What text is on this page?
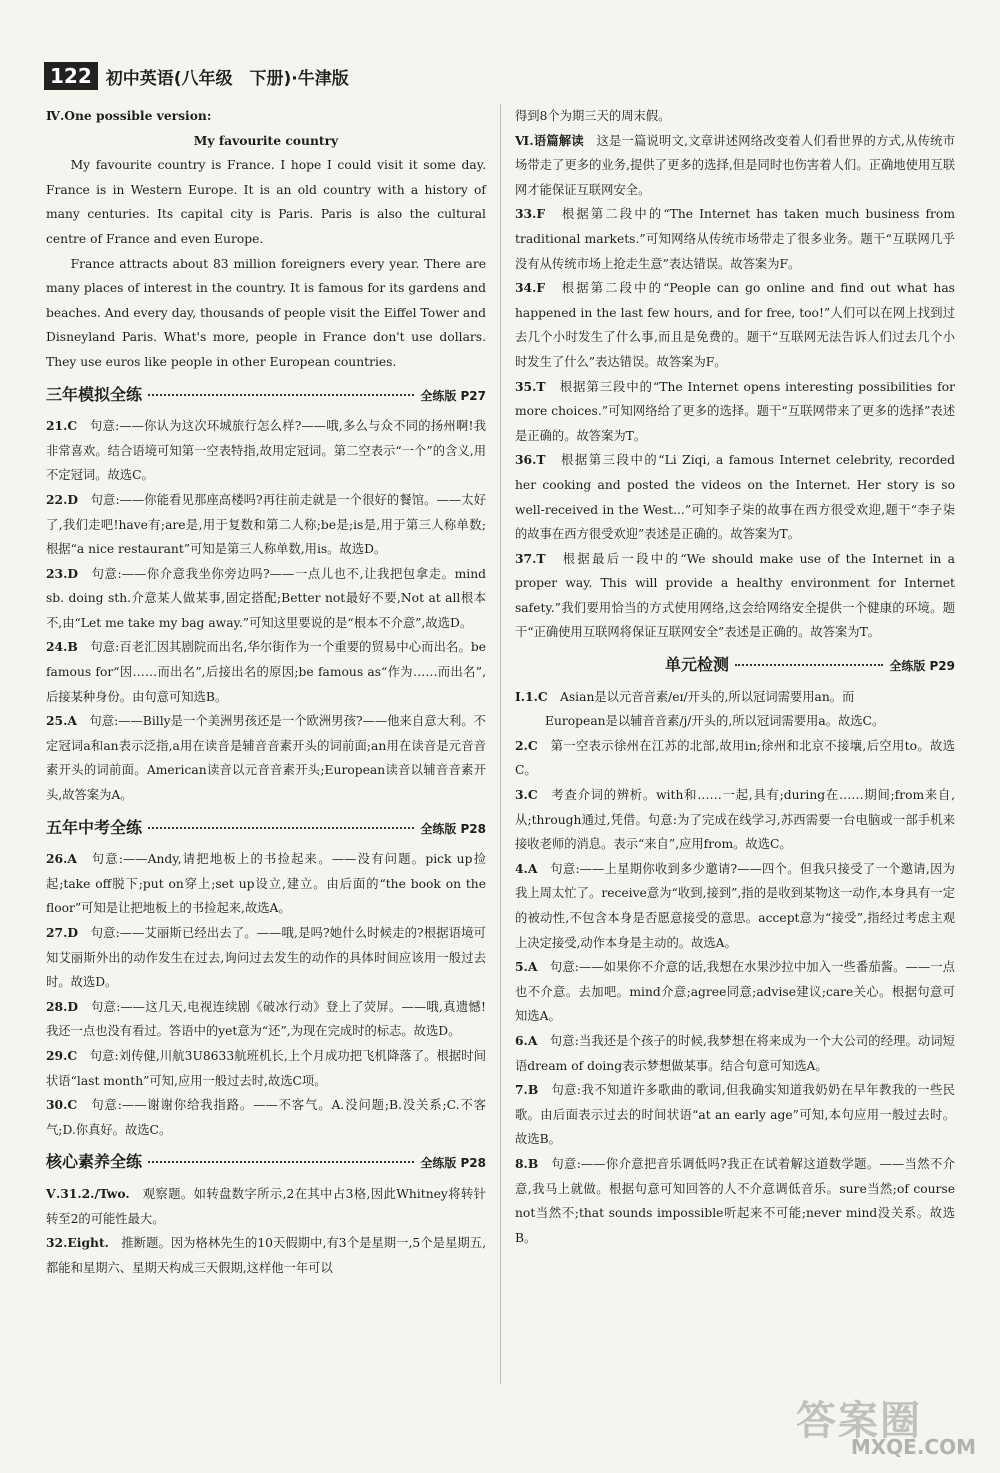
122 初中英语(八年级　下册)·牛津版

Ⅳ.One possible version:

My favourite country

My favourite country is France. I hope I could visit it some day. France is in Western Europe. It is an old country with a history of many centuries. Its capital city is Paris. Paris is also the cultural centre of France and even Europe.

France attracts about 83 million foreigners every year. There are many places of interest in the country. It is famous for its gardens and beaches. And every day, thousands of people visit the Eiffel Tower and Disneyland Paris. What's more, people in France don't use dollars. They use euros like people in other European countries.

三年模拟全练	全练版 P27

21.C　 句意:——你认为这次环城旅行怎么样?——哦,多么与众不同的扬州啊!我非常喜欢。结合语境可知第一空表特指,故用定冠词。第二空表示“一个”的含义,用不定冠词。故选C。

22.D　 句意:——你能看见那座高楼吗?再往前走就是一个很好的餐馆。——太好了,我们走吧!have有;are是,用于复数和第二人称;be是;is是,用于第三人称单数;根据“a nice restaurant”可知是第三人称单数,用is。故选D。

23.D　 句意:——你介意我坐你旁边吗?——一点儿也不,让我把包拿走。mind sb. doing sth.介意某人做某事,固定搭配;Better not最好不要,Not at all根本不,由“Let me take my bag away.”可知这里要说的是“根本不介意”,故选D。

24.B　 句意:百老汇因其剧院而出名,华尔街作为一个重要的贸易中心而出名。be famous for“因……而出名”,后接出名的原因;be famous as“作为……而出名”,后接某种身份。由句意可知选B。

25.A　 句意:——Billy是一个美洲男孩还是一个欧洲男孩?——他来自意大利。不定冠词a和an表示泛指,a用在读音是辅音音素开头的词前面;an用在读音是元音音素开头的词前面。American读音以元音音素开头;European读音以辅音音素开头,故答案为A。

五年中考全练	全练版 P28

26.A　 句意:——Andy,请把地板上的书捡起来。——没有问题。pick up捡起;take off脱下;put on穿上;set up设立,建立。由后面的“the book on the floor”可知是让把地板上的书捡起来,故选A。

27.D　 句意:——艾丽斯已经出去了。——哦,是吗?她什么时候走的?根据语境可知艾丽斯外出的动作发生在过去,询问过去发生的动作的具体时间应该用一般过去时。故选D。

28.D　 句意:——这几天,电视连续剧《破冰行动》登上了荧屏。——哦,真遗憾!我还一点也没有看过。答语中的yet意为“还”,为现在完成时的标志。故选D。

29.C　 句意:刘传健,川航3U8633航班机长,上个月成功把飞机降落了。根据时间状语“last month”可知,应用一般过去时,故选C项。

30.C　 句意:——谢谢你给我指路。——不客气。A.没问题;B.没关系;C.不客气;D.你真好。故选C。

核心素养全练	全练版 P28

Ⅴ.31.2./Two.　 观察题。如转盘数字所示,2在其中占3格,因此Whitney将转针转至2的可能性最大。

32.Eight.　 推断题。因为格林先生的10天假期中,有3个是星期一,5个是星期五,都能和星期六、星期天构成三天假期,这样他一年可以

得到8个为期三天的周末假。

Ⅵ.语篇解读　 这是一篇说明文,文章讲述网络改变着人们看世界的方式,从传统市场带走了更多的业务,提供了更多的选择,但是同时也伤害着人们。正确地使用互联网才能保证互联网安全。

33.F　 根据第二段中的“The Internet has taken much business from traditional markets.”可知网络从传统市场带走了很多业务。题干“互联网几乎没有从传统市场上抢走生意”表达错误。故答案为F。

34.F　 根据第二段中的“People can go online and find out what has happened in the last few hours, and for free, too!”人们可以在网上找到过去几个小时发生了什么事,而且是免费的。题干“互联网无法告诉人们过去几个小时发生了什么”表达错误。故答案为F。

35.T　 根据第三段中的“The Internet opens interesting possibilities for more choices.”可知网络给了更多的选择。题干“互联网带来了更多的选择”表述是正确的。故答案为T。

36.T　 根据第三段中的“Li Ziqi, a famous Internet celebrity, recorded her cooking and posted the videos on the Internet. Her story is so well-received in the West...”可知李子柒的故事在西方很受欢迎,题干“李子柒的故事在西方很受欢迎”表述是正确的。故答案为T。

37.T　 根据最后一段中的“We should make use of the Internet in a proper way. This will provide a healthy environment for Internet safety.”我们要用恰当的方式使用网络,这会给网络安全提供一个健康的环境。题干“正确使用互联网将保证互联网安全”表述是正确的。故答案为T。

单元检测	全练版 P29

Ⅰ.1.C　 Asian是以元音音素/eɪ/开头的,所以冠词需要用an。而

European是以辅音音素/j/开头的,所以冠词需要用a。故选C。

2.C　 第一空表示徐州在江苏的北部,故用in;徐州和北京不接壤,后空用to。故选C。

3.C　 考查介词的辨析。with和……一起,具有;during在……期间;from来自,从;through通过,凭借。句意:为了完成在线学习,苏西需要一台电脑或一部手机来接收老师的消息。表示“来自”,应用from。故选C。

4.A　 句意:——上星期你收到多少邀请?——四个。但我只接受了一个邀请,因为我上周太忙了。receive意为“收到,接到”,指的是收到某物这一动作,本身具有一定的被动性,不包含本身是否愿意接受的意思。accept意为“接受”,指经过考虑主观上决定接受,动作本身是主动的。故选A。

5.A　 句意:——如果你不介意的话,我想在水果沙拉中加入一些番茄酱。——一点也不介意。去加吧。mind介意;agree同意;advise建议;care关心。根据句意可知选A。

6.A　 句意:当我还是个孩子的时候,我梦想在将来成为一个大公司的经理。动词短语dream of doing表示梦想做某事。结合句意可知选A。

7.B　 句意:我不知道许多歌曲的歌词,但我确实知道我奶奶在早年教我的一些民歌。由后面表示过去的时间状语“at an early age”可知,本句应用一般过去时。故选B。

8.B　 句意:——你介意把音乐调低吗?我正在试着解这道数学题。——当然不介意,我马上就做。根据句意可知回答的人不介意调低音乐。sure当然;of course not当然不;that sounds impossible听起来不可能;never mind没关系。故选B。

答案圈
MXQE.COM
